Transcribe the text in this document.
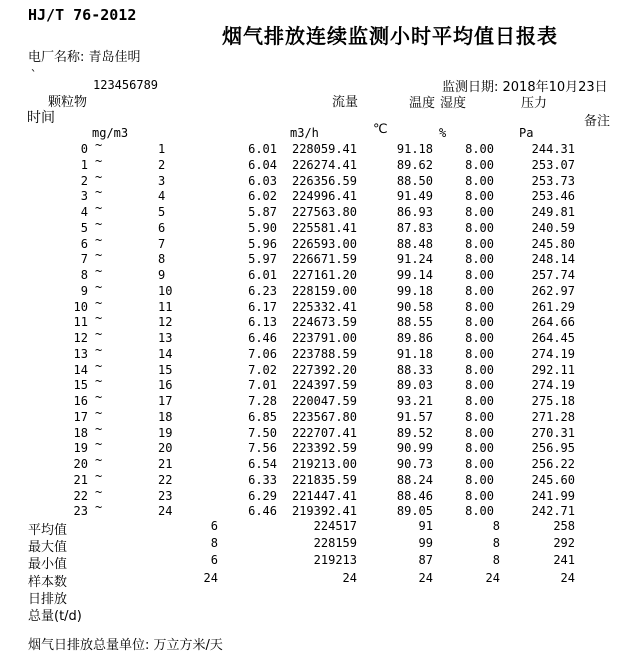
HJ/T 76-2012
烟气排放连续监测小时平均值日报表
电厂名称: 青岛佳明
`
123456789	监测日期: 2018年10月23日
颗粒物	流量	温度 湿度	压力
时间	备注
mg/m3	m3/h	℃	%	Pa
0 ~	1	6.01	228059.41	91.18	8.00	244.31
1 ~	2	6.04	226274.41	89.62	8.00	253.07
2 ~	3	6.03	226356.59	88.50	8.00	253.73
3 ~	4	6.02	224996.41	91.49	8.00	253.46
4 ~	5	5.87	227563.80	86.93	8.00	249.81
5 ~	6	5.90	225581.41	87.83	8.00	240.59
6 ~	7	5.96	226593.00	88.48	8.00	245.80
7 ~	8	5.97	226671.59	91.24	8.00	248.14
8 ~	9	6.01	227161.20	99.14	8.00	257.74
9 ~	10	6.23	228159.00	99.18	8.00	262.97
10 ~	11	6.17	225332.41	90.58	8.00	261.29
11 ~	12	6.13	224673.59	88.55	8.00	264.66
12 ~	13	6.46	223791.00	89.86	8.00	264.45
13 ~	14	7.06	223788.59	91.18	8.00	274.19
14 ~	15	7.02	227392.20	88.33	8.00	292.11
15 ~	16	7.01	224397.59	89.03	8.00	274.19
16 ~	17	7.28	220047.59	93.21	8.00	275.18
17 ~	18	6.85	223567.80	91.57	8.00	271.28
18 ~	19	7.50	222707.41	89.52	8.00	270.31
19 ~	20	7.56	223392.59	90.99	8.00	256.95
20 ~	21	6.54	219213.00	90.73	8.00	256.22
21 ~	22	6.33	221835.59	88.24	8.00	245.60
22 ~	23	6.29	221447.41	88.46	8.00	241.99
23 ~	24	6.46	219392.41	89.05	8.00	242.71
平均值	6	224517	91	8	258
最大值	8	228159	99	8	292
最小值	6	219213	87	8	241
样本数	24	24	24	24	24
日排放
总量(t/d)
烟气日排放总量单位: 万立方米/天
